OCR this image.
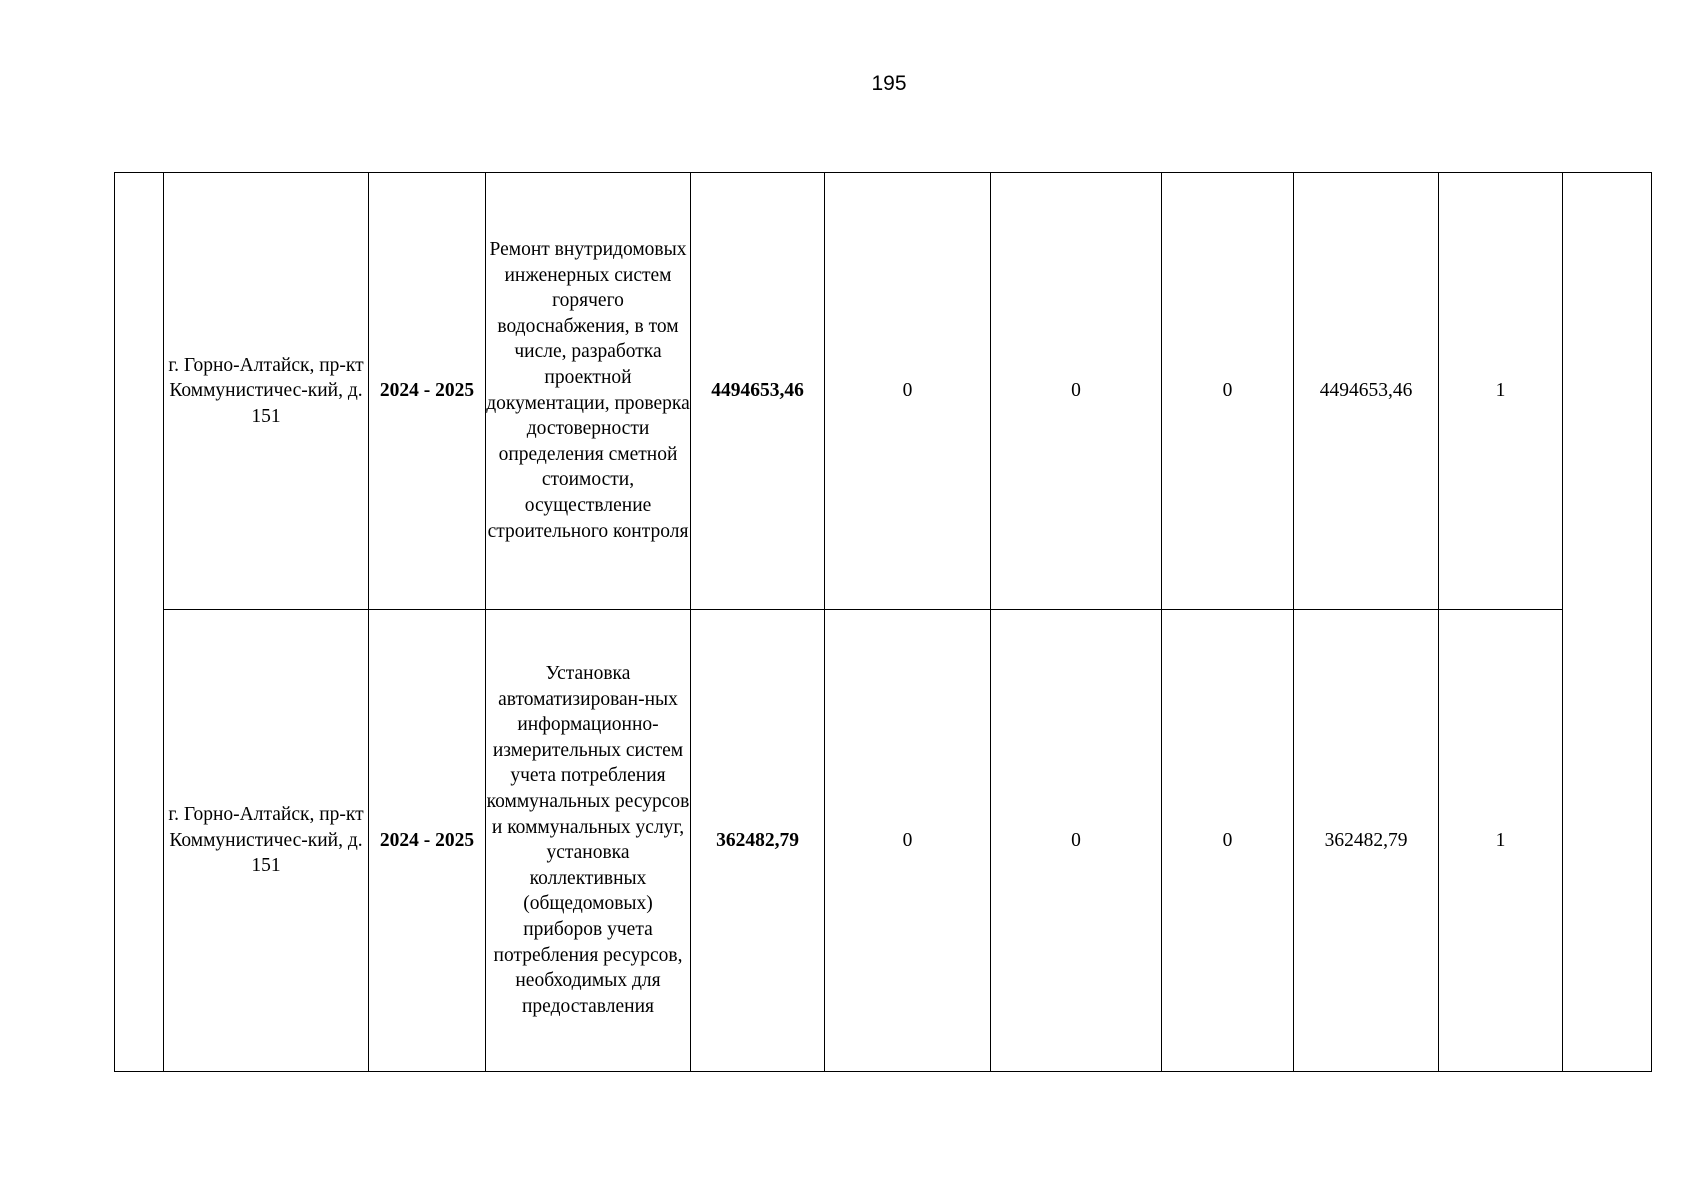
195
	г. Горно-Алтайск, пр-кт Коммунистичес-кий, д. 151	2024 - 2025	Ремонт внутридомовых инженерных систем горячего водоснабжения, в том числе, разработка проектной документации, проверка достоверности определения сметной стоимости, осуществление строительного контроля	4494653,46	0	0	0	4494653,46	1	
	г. Горно-Алтайск, пр-кт Коммунистичес-кий, д. 151	2024 - 2025	Установка автоматизирован-ных информационно-измерительных систем учета потребления коммунальных ресурсов и коммунальных услуг, установка коллективных (общедомовых) приборов учета потребления ресурсов, необходимых для предоставления	362482,79	0	0	0	362482,79	1	
